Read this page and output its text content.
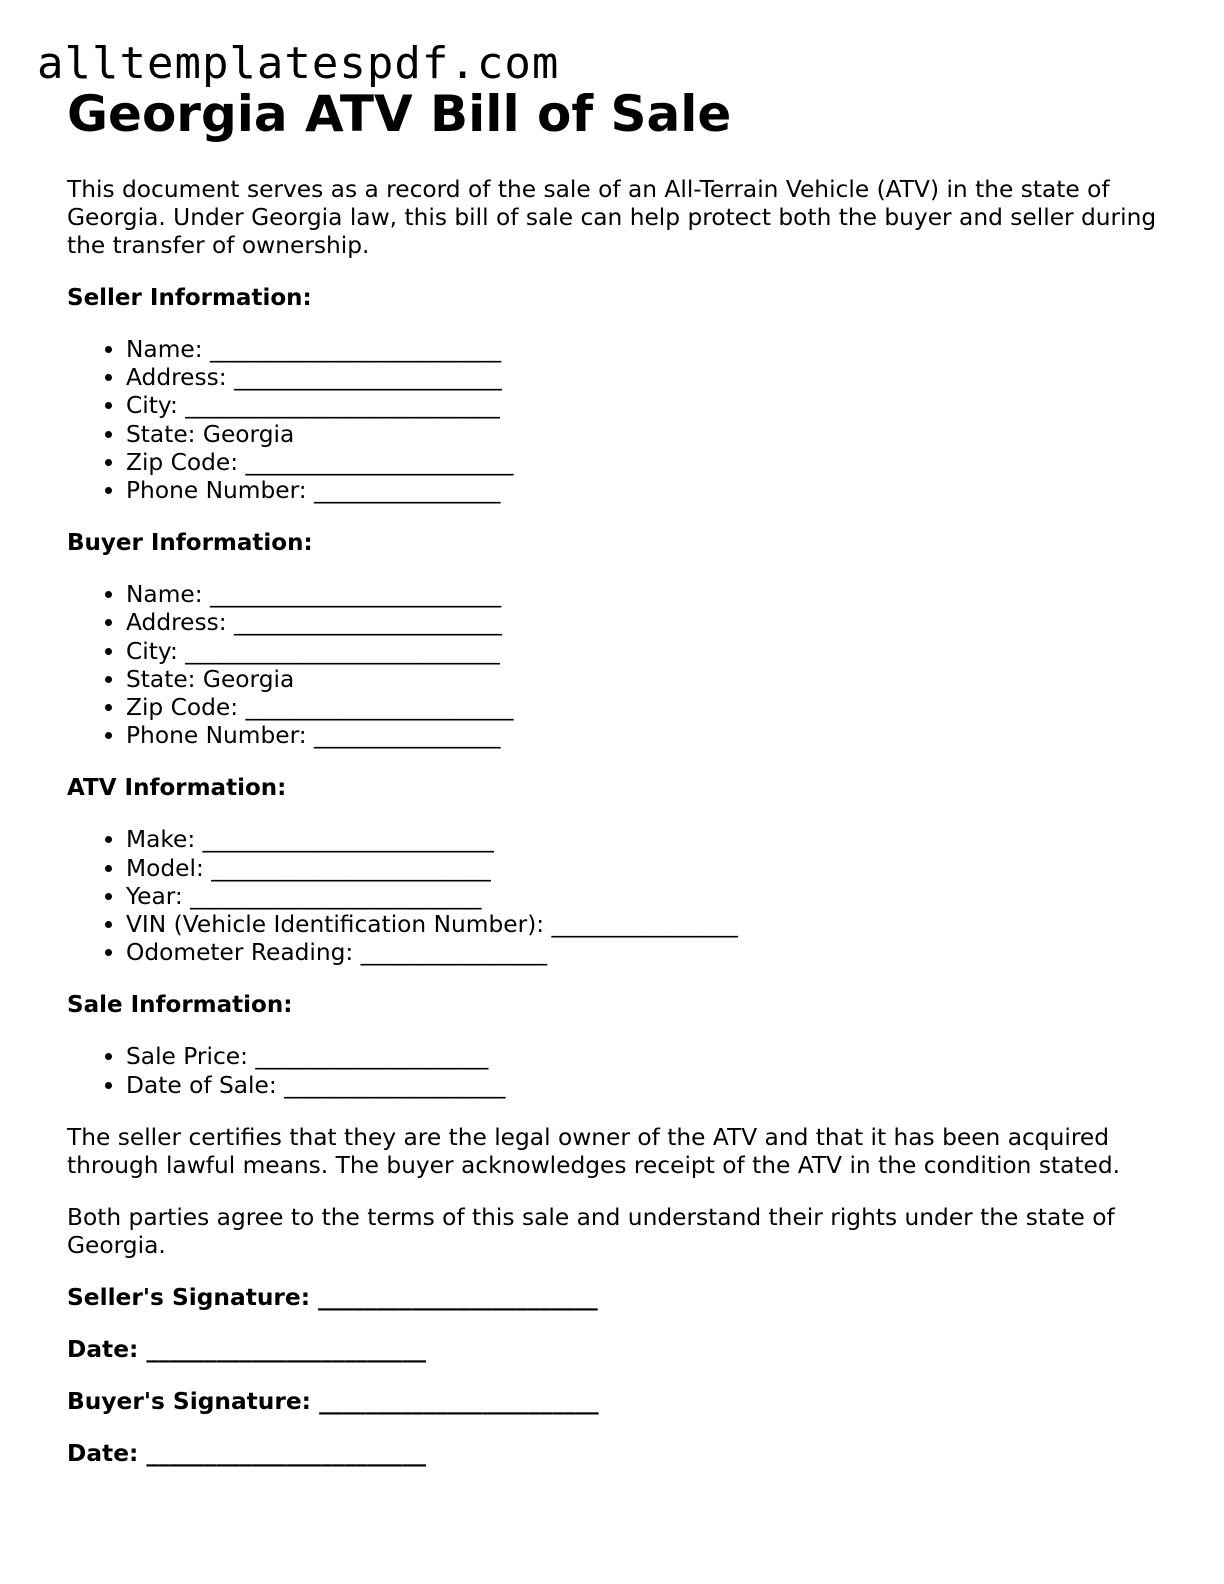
alltemplatespdf.com
Georgia ATV Bill of Sale

This document serves as a record of the sale of an All-Terrain Vehicle (ATV) in the state of Georgia. Under Georgia law, this bill of sale can help protect both the buyer and seller during the transfer of ownership.

Seller Information:
• Name: _________________________
• Address: _______________________
• City: ___________________________
• State: Georgia
• Zip Code: _______________________
• Phone Number: ________________
Buyer Information:
• Name: _________________________
• Address: _______________________
• City: ___________________________
• State: Georgia
• Zip Code: _______________________
• Phone Number: ________________
ATV Information:
• Make: _________________________
• Model: ________________________
• Year: _________________________
• VIN (Vehicle Identification Number): ________________
• Odometer Reading: ________________
Sale Information:
• Sale Price: ____________________
• Date of Sale: ___________________

The seller certifies that they are the legal owner of the ATV and that it has been acquired through lawful means. The buyer acknowledges receipt of the ATV in the condition stated.

Both parties agree to the terms of this sale and understand their rights under the state of Georgia.

Seller's Signature: ________________________
Date: ________________________
Buyer's Signature: ________________________
Date: ________________________
